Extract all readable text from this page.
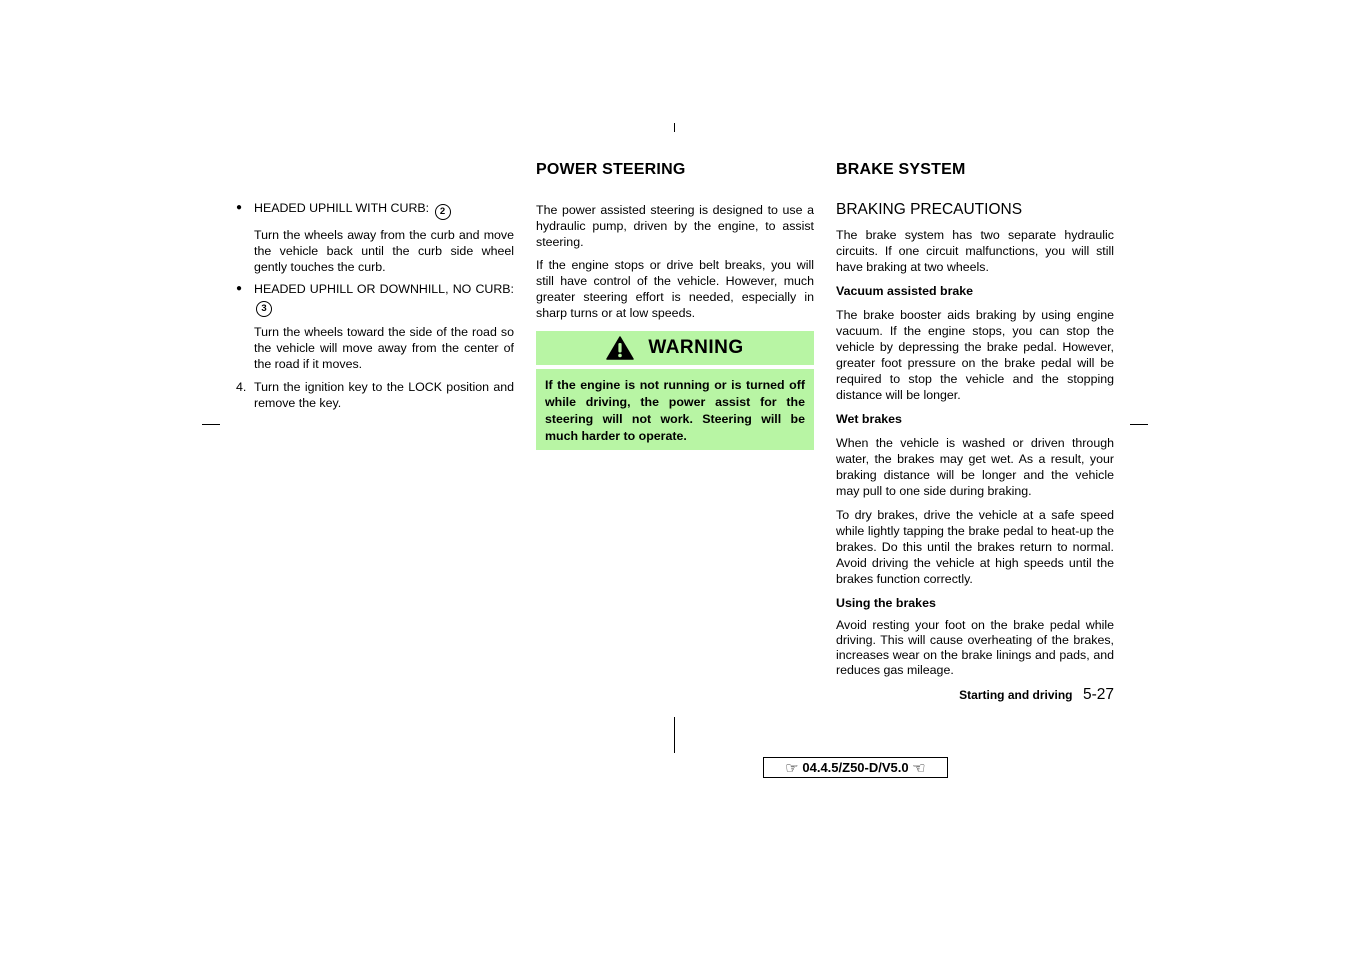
● HEADED UPHILL WITH CURB: 2

Turn the wheels away from the curb and move the vehicle back until the curb side wheel gently touches the curb.

● HEADED UPHILL OR DOWNHILL, NO CURB: 3

Turn the wheels toward the side of the road so the vehicle will move away from the center of the road if it moves.

4. Turn the ignition key to the LOCK position and remove the key.

POWER STEERING

The power assisted steering is designed to use a hydraulic pump, driven by the engine, to assist steering.

If the engine stops or drive belt breaks, you will still have control of the vehicle. However, much greater steering effort is needed, especially in sharp turns or at low speeds.

WARNING
If the engine is not running or is turned off while driving, the power assist for the steering will not work. Steering will be much harder to operate.
BRAKE SYSTEM
BRAKING PRECAUTIONS

The brake system has two separate hydraulic circuits. If one circuit malfunctions, you will still have braking at two wheels.

Vacuum assisted brake

The brake booster aids braking by using engine vacuum. If the engine stops, you can stop the vehicle by depressing the brake pedal. However, greater foot pressure on the brake pedal will be required to stop the vehicle and the stopping distance will be longer.

Wet brakes

When the vehicle is washed or driven through water, the brakes may get wet. As a result, your braking distance will be longer and the vehicle may pull to one side during braking.

To dry brakes, drive the vehicle at a safe speed while lightly tapping the brake pedal to heat-up the brakes. Do this until the brakes return to normal. Avoid driving the vehicle at high speeds until the brakes function correctly.

Using the brakes

Avoid resting your foot on the brake pedal while driving. This will cause overheating of the brakes, increases wear on the brake linings and pads, and reduces gas mileage.

Starting and driving 5-27
☞ 04.4.5/Z50-D/V5.0 ☜
